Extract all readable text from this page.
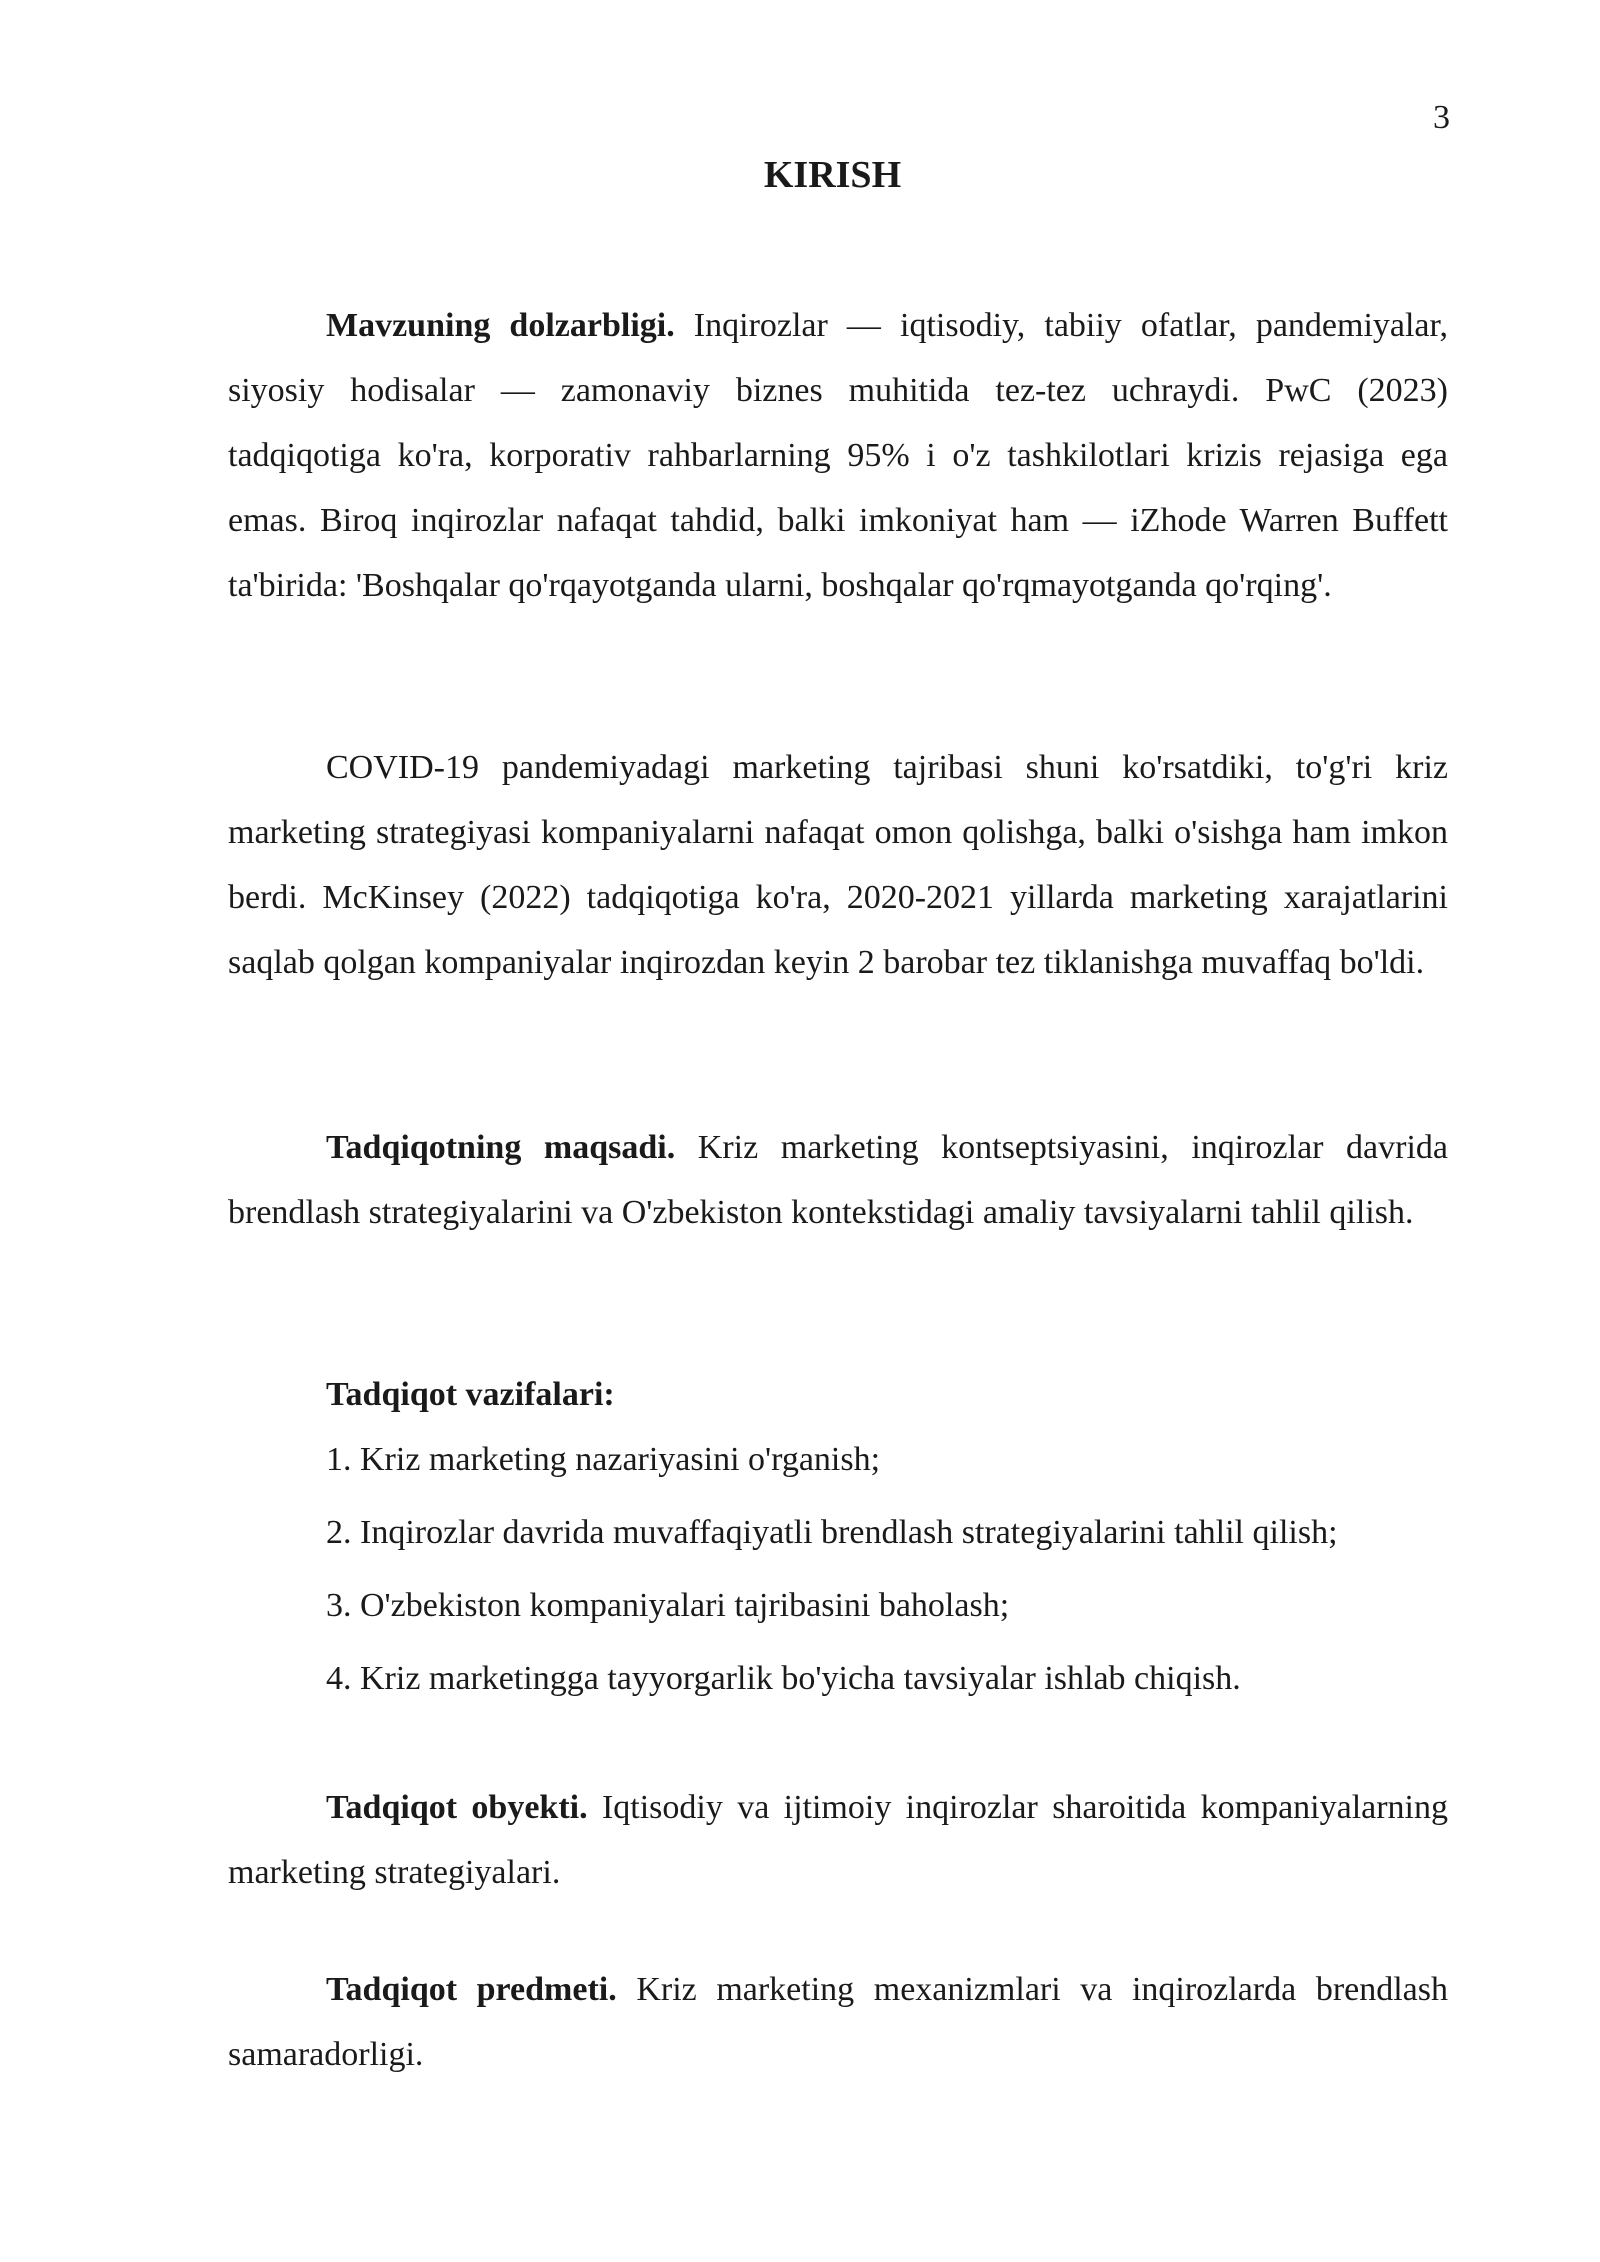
3
KIRISH

Mavzuning dolzarbligi. Inqirozlar — iqtisodiy, tabiiy ofatlar, pandemiyalar, siyosiy hodisalar — zamonaviy biznes muhitida tez-tez uchraydi. PwC (2023) tadqiqotiga ko'ra, korporativ rahbarlarning 95% i o'z tashkilotlari krizis rejasiga ega emas. Biroq inqirozlar nafaqat tahdid, balki imkoniyat ham — iZhode Warren Buffett ta'birida: 'Boshqalar qo'rqayotganda ularni, boshqalar qo'rqmayotganda qo'rqing'.

COVID-19 pandemiyadagi marketing tajribasi shuni ko'rsatdiki, to'g'ri kriz marketing strategiyasi kompaniyalarni nafaqat omon qolishga, balki o'sishga ham imkon berdi. McKinsey (2022) tadqiqotiga ko'ra, 2020-2021 yillarda marketing xarajatlarini saqlab qolgan kompaniyalar inqirozdan keyin 2 barobar tez tiklanishga muvaffaq bo'ldi.

Tadqiqotning maqsadi. Kriz marketing kontseptsiyasini, inqirozlar davrida brendlash strategiyalarini va O'zbekiston kontekstidagi amaliy tavsiyalarni tahlil qilish.

Tadqiqot vazifalari:

1. Kriz marketing nazariyasini o'rganish;
2. Inqirozlar davrida muvaffaqiyatli brendlash strategiyalarini tahlil qilish;
3. O'zbekiston kompaniyalari tajribasini baholash;
4. Kriz marketingga tayyorgarlik bo'yicha tavsiyalar ishlab chiqish.

Tadqiqot obyekti. Iqtisodiy va ijtimoiy inqirozlar sharoitida kompaniyalarning marketing strategiyalari.

Tadqiqot predmeti. Kriz marketing mexanizmlari va inqirozlarda brendlash samaradorligi.
